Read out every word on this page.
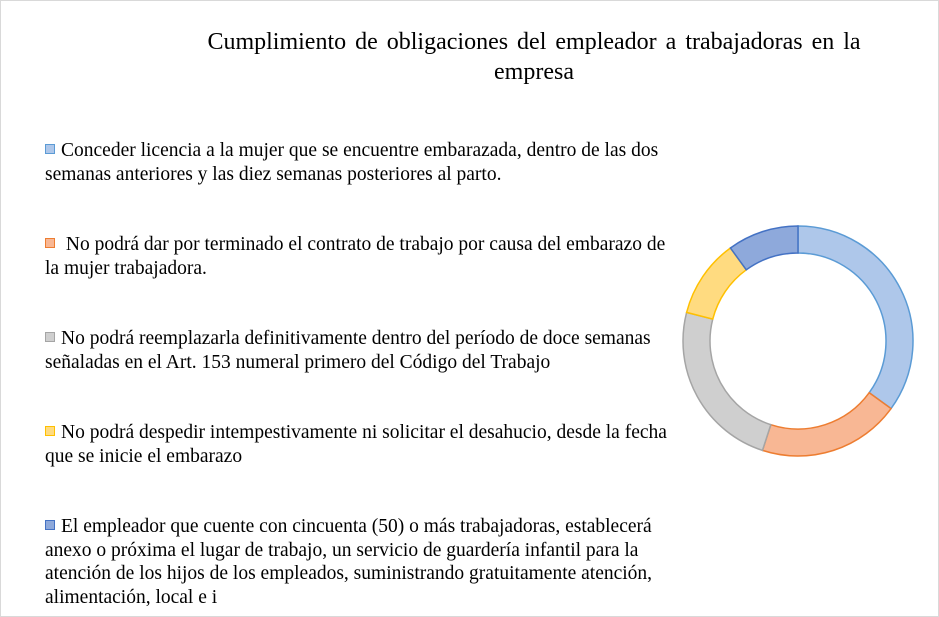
Cumplimiento de obligaciones del empleador a trabajadoras en la empresa
Conceder licencia a la mujer que se encuentre embarazada, dentro de las dos semanas anteriores y las diez semanas posteriores al parto.
No podrá dar por terminado el contrato de trabajo por causa del embarazo de la mujer trabajadora.
No podrá reemplazarla definitivamente dentro del período de doce semanas señaladas en el Art. 153 numeral primero del Código del Trabajo
No podrá despedir intempestivamente ni solicitar el desahucio, desde la fecha que se inicie el embarazo
El empleador que cuente con cincuenta (50) o más trabajadoras, establecerá anexo o próxima el lugar de trabajo, un servicio de guardería infantil para la atención de los hijos de los empleados, suministrando gratuitamente atención, alimentación, local e i
